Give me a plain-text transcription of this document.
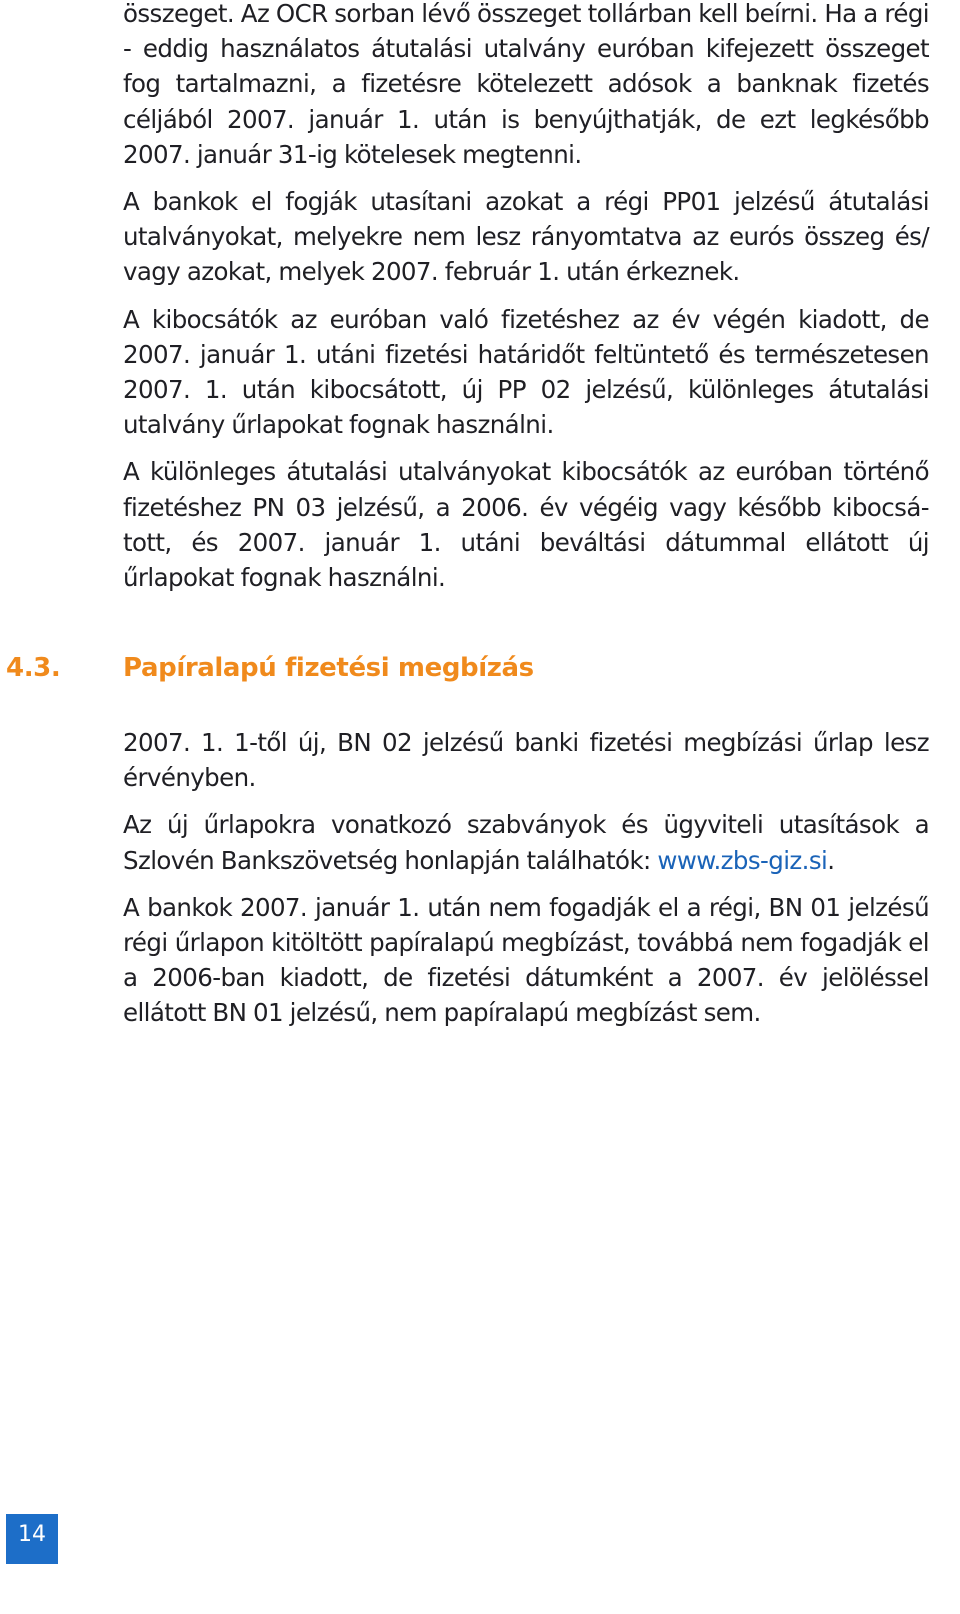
összeget. Az OCR sorban lévő összeget tollárban kell beírni. Ha a régi - eddig használatos átutalási utalvány euróban kifejezett összeget fog tartalmazni, a fizetésre kötelezett adósok a banknak fizetés céljából 2007. január 1. után is benyújthatják, de ezt legkésőbb 2007. január 31-ig kötelesek megtenni.

A bankok el fogják utasítani azokat a régi PP01 jelzésű átutalási utalványokat, melyekre nem lesz rányomtatva az eurós összeg és/ vagy azokat, melyek 2007. február 1. után érkeznek.

A kibocsátók az euróban való fizetéshez az év végén kiadott, de 2007. január 1. utáni fizetési határidőt feltüntető és természetesen 2007. 1. után kibocsátott, új PP 02 jelzésű, különleges átutalási utalvány űrlapokat fognak használni.

A különleges átutalási utalványokat kibocsátók az euróban történő fizetéshez PN 03 jelzésű, a 2006. év végéig vagy később kibocsá-tott, és 2007. január 1. utáni beváltási dátummal ellátott új űrlapokat fognak használni.

4.3. Papíralapú fizetési megbízás

2007. 1. 1-től új, BN 02 jelzésű banki fizetési megbízási űrlap lesz érvényben.

Az új űrlapokra vonatkozó szabványok és ügyviteli utasítások a Szlovén Bankszövetség honlapján találhatók: www.zbs-giz.si.

A bankok 2007. január 1. után nem fogadják el a régi, BN 01 jelzésű régi űrlapon kitöltött papíralapú megbízást, továbbá nem fogadják el a 2006-ban kiadott, de fizetési dátumként a 2007. év jelöléssel ellátott BN 01 jelzésű, nem papíralapú megbízást sem.

14
